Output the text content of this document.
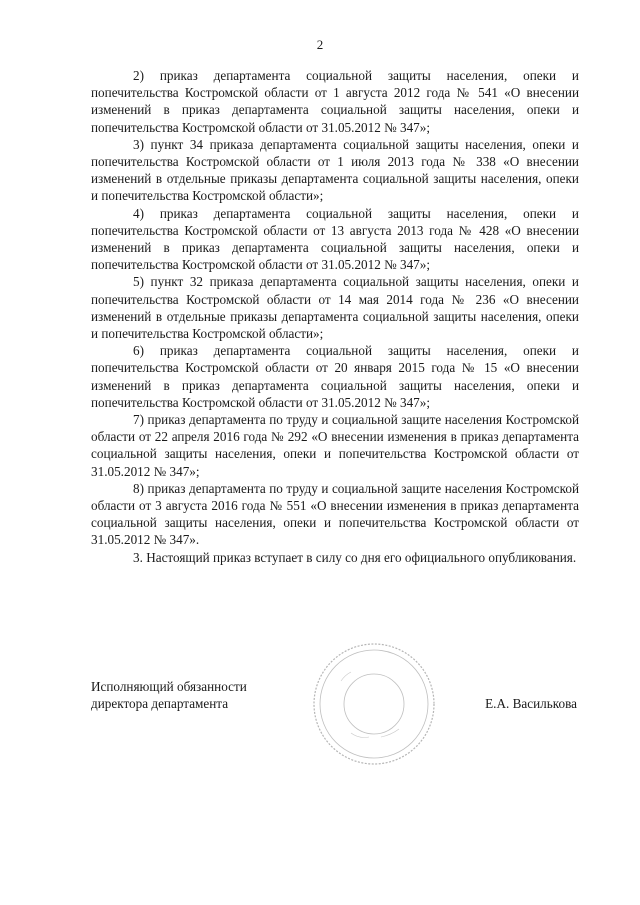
2

2) приказ департамента социальной защиты населения, опеки и попечительства Костромской области от 1 августа 2012 года № 541 «О внесении изменений в приказ департамента социальной защиты населения, опеки и попечительства Костромской области от 31.05.2012 № 347»;

3) пункт 34 приказа департамента социальной защиты населения, опеки и попечительства Костромской области от 1 июля 2013 года № 338 «О внесении изменений в отдельные приказы департамента социальной защиты населения, опеки и попечительства Костромской области»;

4) приказ департамента социальной защиты населения, опеки и попечительства Костромской области от 13 августа 2013 года № 428 «О внесении изменений в приказ департамента социальной защиты населения, опеки и попечительства Костромской области от 31.05.2012 № 347»;

5) пункт 32 приказа департамента социальной защиты населения, опеки и попечительства Костромской области от 14 мая 2014 года № 236 «О внесении изменений в отдельные приказы департамента социальной защиты населения, опеки и попечительства Костромской области»;

6) приказ департамента социальной защиты населения, опеки и попечительства Костромской области от 20 января 2015 года № 15 «О внесении изменений в приказ департамента социальной защиты населения, опеки и попечительства Костромской области от 31.05.2012 № 347»;

7) приказ департамента по труду и социальной защите населения Костромской области от 22 апреля 2016 года № 292 «О внесении изменения в приказ департамента социальной защиты населения, опеки и попечительства Костромской области от 31.05.2012 № 347»;

8) приказ департамента по труду и социальной защите населения Костромской области от 3 августа 2016 года № 551 «О внесении изменения в приказ департамента социальной защиты населения, опеки и попечительства Костромской области от 31.05.2012 № 347».

3. Настоящий приказ вступает в силу со дня его официального опубликования.

Исполняющий обязанности
директора департамента	Е.А. Василькова
